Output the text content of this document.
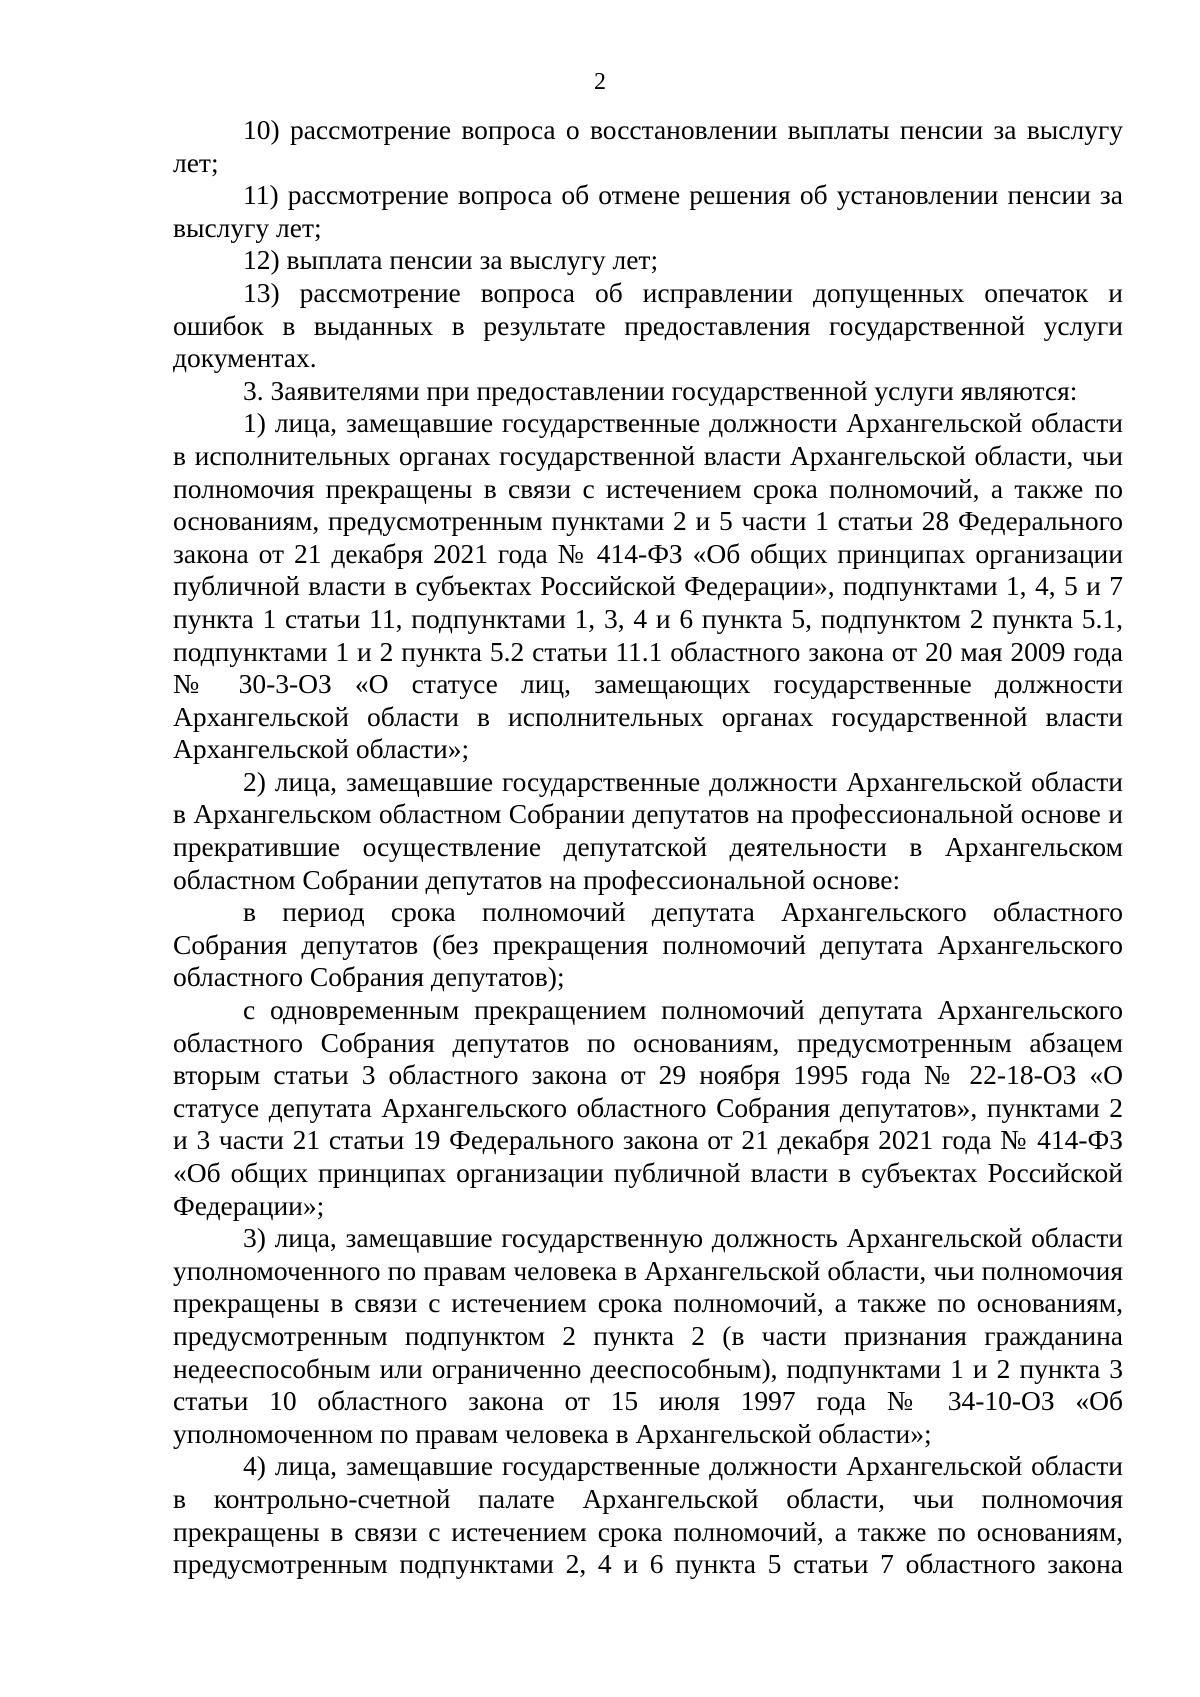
2

10) рассмотрение вопроса о восстановлении выплаты пенсии за выслугу лет;

11) рассмотрение вопроса об отмене решения об установлении пенсии за выслугу лет;

12) выплата пенсии за выслугу лет;

13) рассмотрение вопроса об исправлении допущенных опечаток и ошибок в выданных в результате предоставления государственной услуги документах.

3. Заявителями при предоставлении государственной услуги являются:

1) лица, замещавшие государственные должности Архангельской области в исполнительных органах государственной власти Архангельской области, чьи полномочия прекращены в связи с истечением срока полномочий, а также по основаниям, предусмотренным пунктами 2 и 5 части 1 статьи 28 Федерального закона от 21 декабря 2021 года № 414-ФЗ «Об общих принципах организации публичной власти в субъектах Российской Федерации», подпунктами 1, 4, 5 и 7 пункта 1 статьи 11, подпунктами 1, 3, 4 и 6 пункта 5, подпунктом 2 пункта 5.1, подпунктами 1 и 2 пункта 5.2 статьи 11.1 областного закона от 20 мая 2009 года № 30-3-ОЗ «О статусе лиц, замещающих государственные должности Архангельской области в исполнительных органах государственной власти Архангельской области»;

2) лица, замещавшие государственные должности Архангельской области в Архангельском областном Собрании депутатов на профессиональной основе и прекратившие осуществление депутатской деятельности в Архангельском областном Собрании депутатов на профессиональной основе:

в период срока полномочий депутата Архангельского областного Собрания депутатов (без прекращения полномочий депутата Архангельского областного Собрания депутатов);

с одновременным прекращением полномочий депутата Архангельского областного Собрания депутатов по основаниям, предусмотренным абзацем вторым статьи 3 областного закона от 29 ноября 1995 года № 22-18-ОЗ «О статусе депутата Архангельского областного Собрания депутатов», пунктами 2 и 3 части 21 статьи 19 Федерального закона от 21 декабря 2021 года № 414-ФЗ «Об общих принципах организации публичной власти в субъектах Российской Федерации»;

3) лица, замещавшие государственную должность Архангельской области уполномоченного по правам человека в Архангельской области, чьи полномочия прекращены в связи с истечением срока полномочий, а также по основаниям, предусмотренным подпунктом 2 пункта 2 (в части признания гражданина недееспособным или ограниченно дееспособным), подпунктами 1 и 2 пункта 3 статьи 10 областного закона от 15 июля 1997 года № 34-10-ОЗ «Об уполномоченном по правам человека в Архангельской области»;

4) лица, замещавшие государственные должности Архангельской области в контрольно-счетной палате Архангельской области, чьи полномочия прекращены в связи с истечением срока полномочий, а также по основаниям, предусмотренным подпунктами 2, 4 и 6 пункта 5 статьи 7 областного закона
